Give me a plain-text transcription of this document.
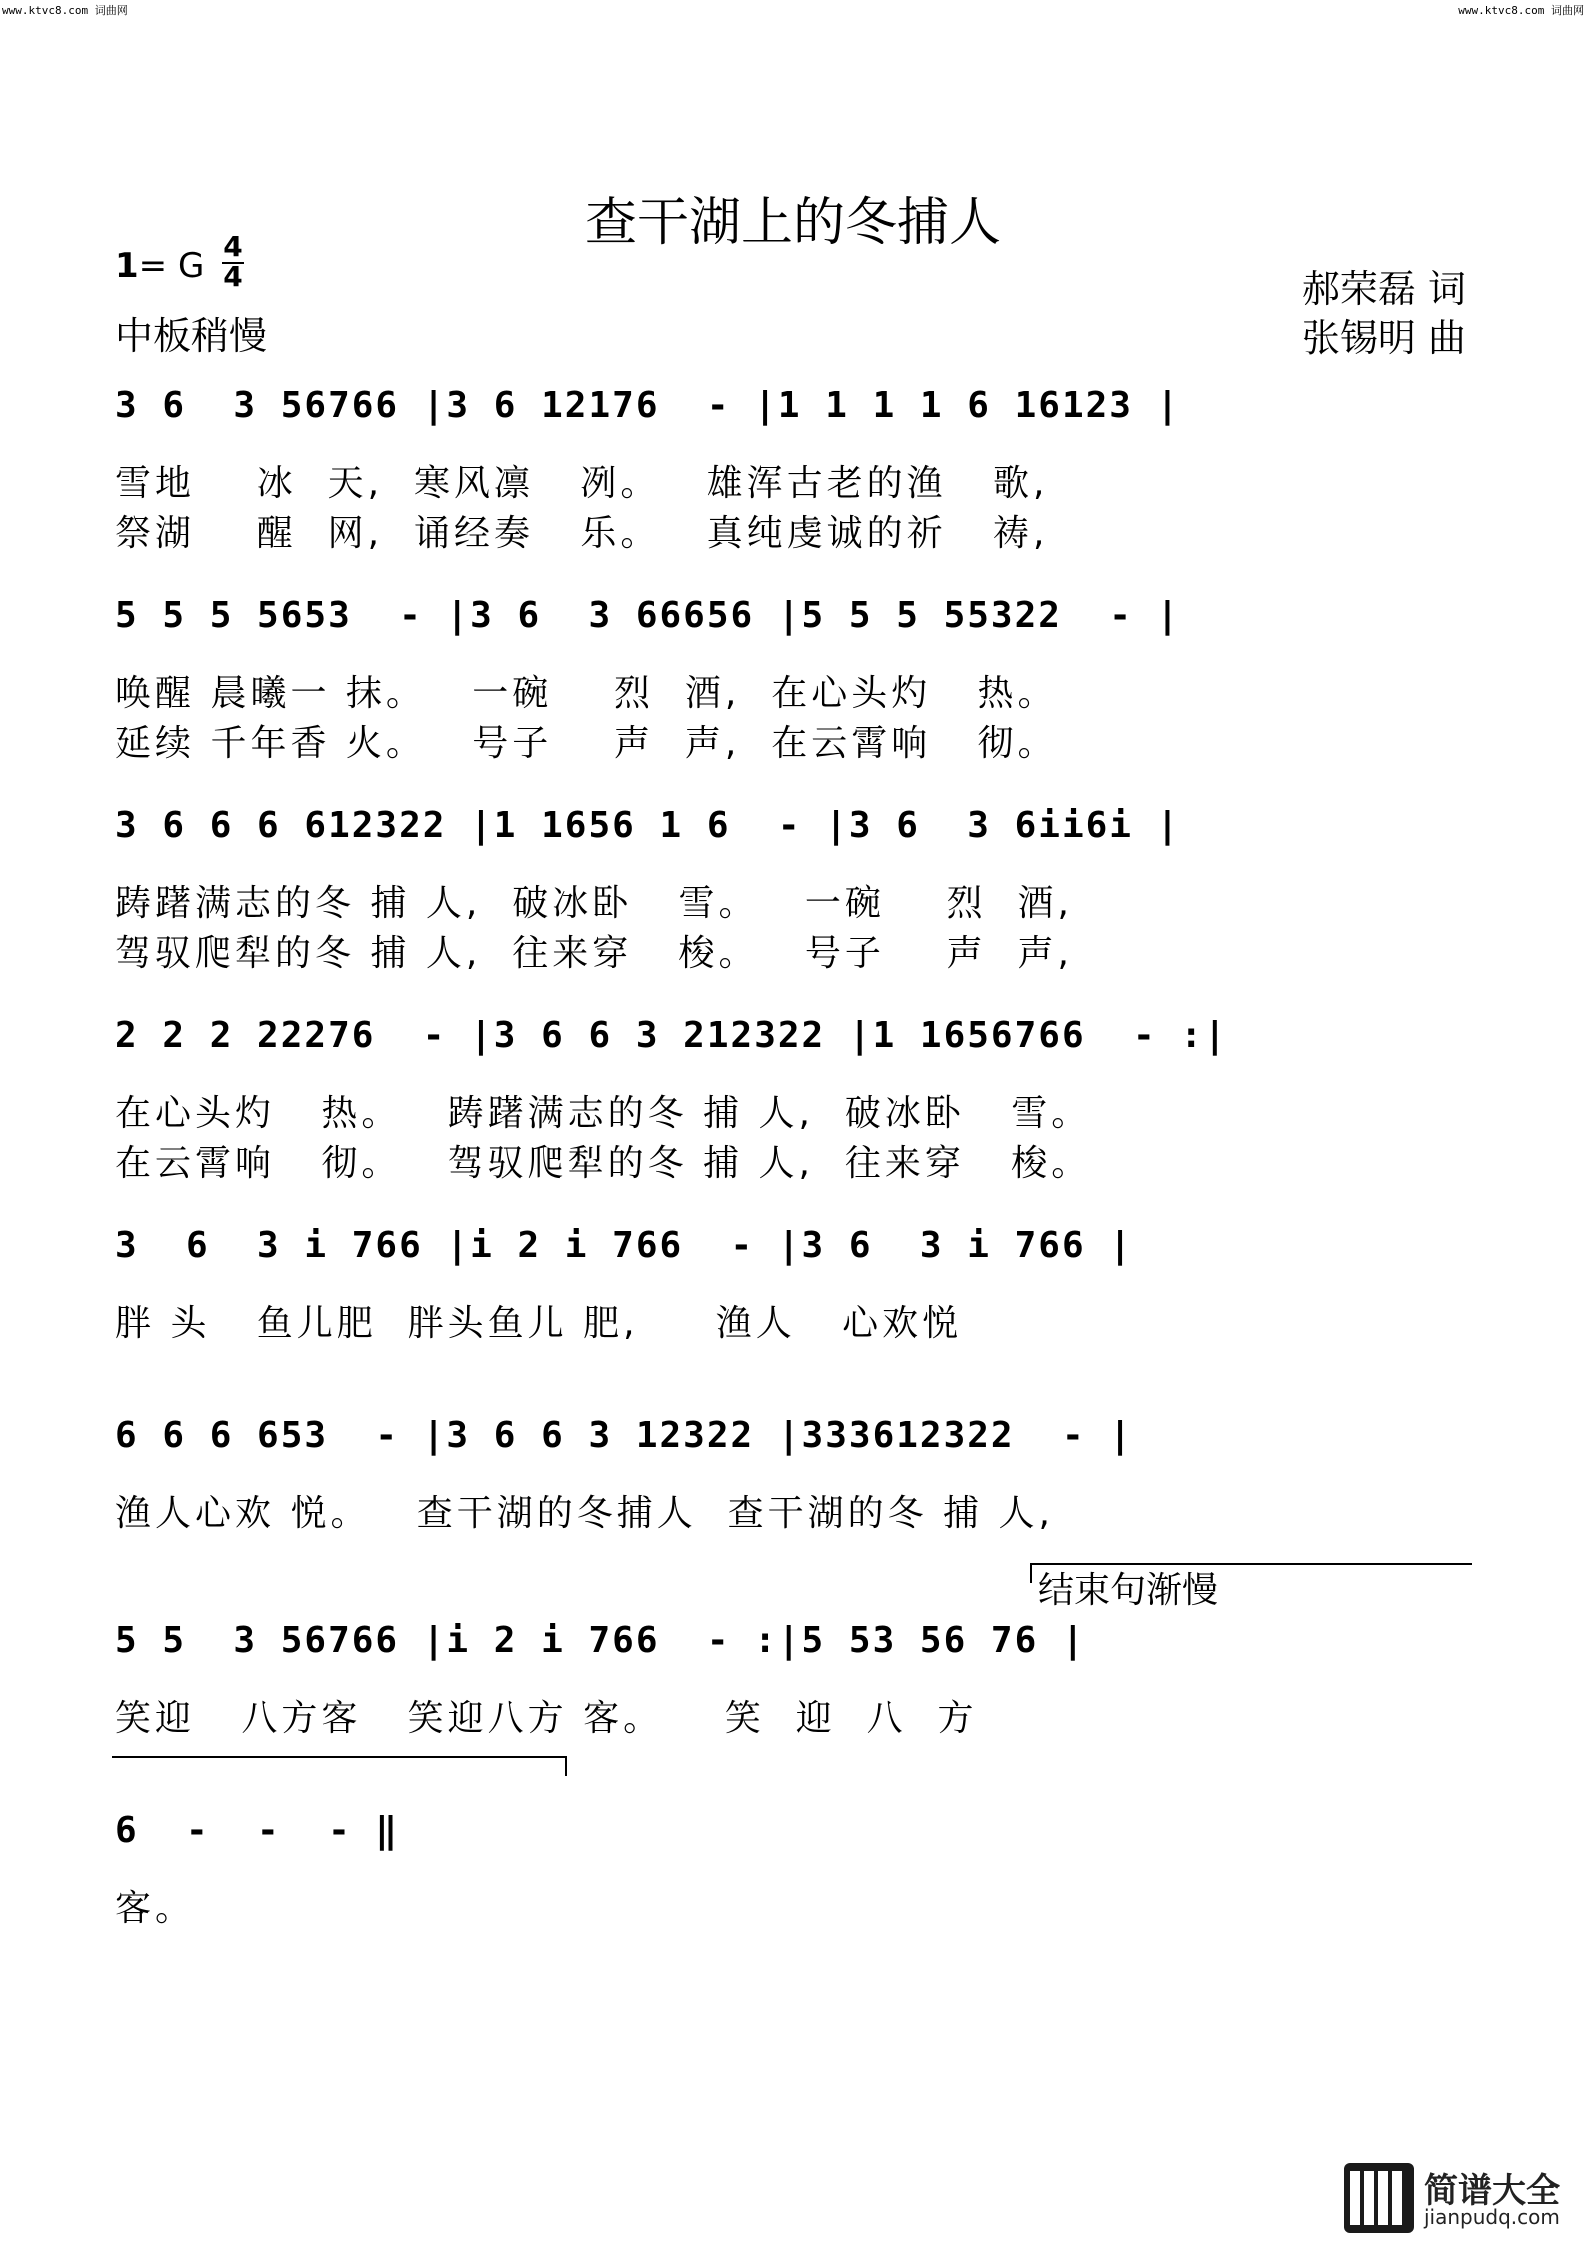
www.ktvc8.com 词曲网	www.ktvc8.com 词曲网
查干湖上的冬捕人
1= G 4
4
中板稍慢
郝荣磊 词
张锡明 曲
3 6  3 56766 |3 6 12176  - |1 1 1 1 6 16123 |
雪地    冰  天,  寒风凛   冽。   雄浑古老的渔   歌,
祭湖    醒  网,  诵经奏   乐。   真纯虔诚的祈   祷,
5 5 5 5653  - |3 6  3 66656 |5 5 5 55322  - |
唤醒 晨曦一 抹。   一碗    烈  酒,  在心头灼   热。
延续 千年香 火。   号子    声  声,  在云霄响   彻。
3 6 6 6 612322 |1 1656 1 6  - |3 6  3 6ii6i |
踌躇满志的冬 捕 人,  破冰卧   雪。   一碗    烈  酒,
驾驭爬犁的冬 捕 人,  往来穿   梭。   号子    声  声,
2 2 2 22276  - |3 6 6 3 212322 |1 1656766  - :|
在心头灼   热。   踌躇满志的冬 捕 人,  破冰卧   雪。
在云霄响   彻。   驾驭爬犁的冬 捕 人,  往来穿   梭。
3  6  3 i 766 |i 2 i 766  - |3 6  3 i 766 |
胖 头   鱼儿肥  胖头鱼儿 肥,     渔人   心欢悦
6 6 6 653  - |3 6 6 3 12322 |333612322  - |
渔人心欢 悦。   查干湖的冬捕人  查干湖的冬 捕 人,
结束句渐慢
5 5  3 56766 |i 2 i 766  - :|5 53 56 76 |
笑迎   八方客   笑迎八方 客。    笑  迎  八  方
6  -  -  - ‖
客。
简谱大全
jianpudq.com
